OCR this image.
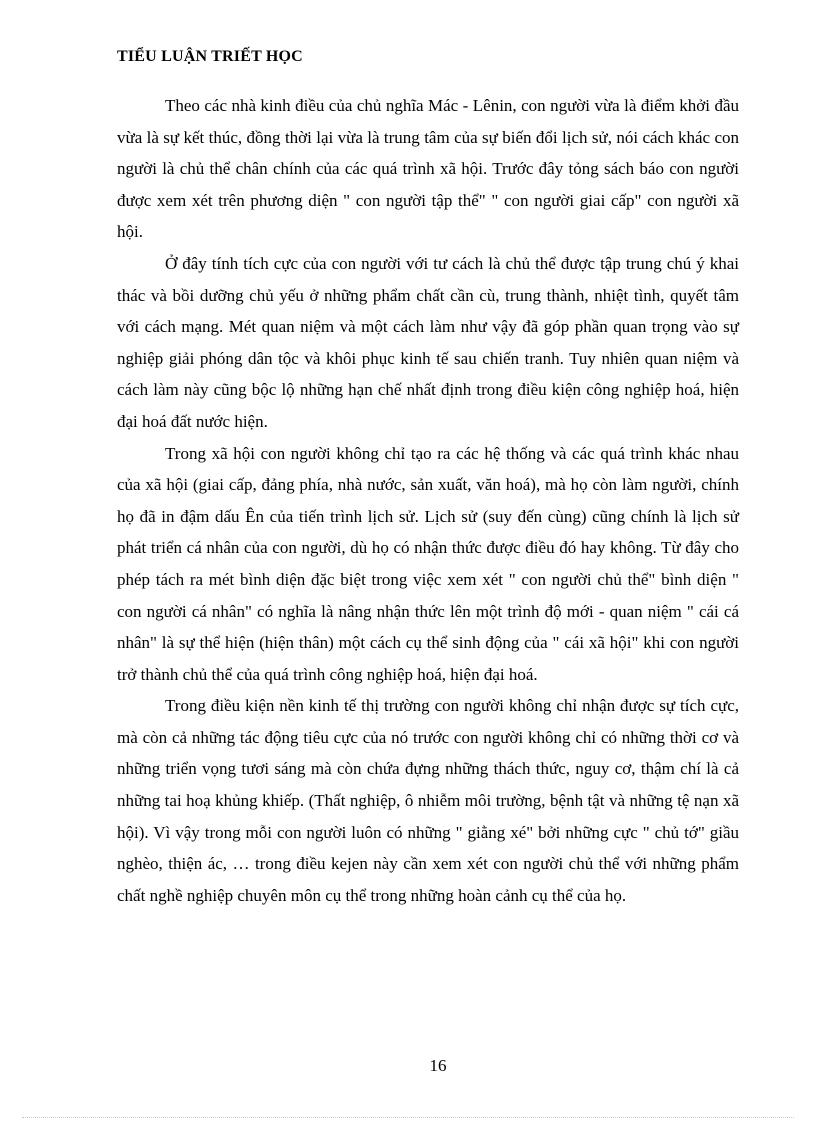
TIỂU LUẬN TRIẾT HỌC

Theo các nhà kinh điều của chủ nghĩa Mác - Lênin, con người vừa là điểm khởi đầu vừa là sự kết thúc, đồng thời lại vừa là trung tâm của sự biến đổi lịch sử, nói cách khác con người là chủ thể chân chính của các quá trình xã hội. Trước đây tỏng sách báo con người được xem xét trên phương diện " con người tập thể" " con người giai cấp" con người xã hội.

Ở đây tính tích cực của con người với tư cách là chủ thể được tập trung chú ý khai thác và bồi dưỡng chủ yếu ở những phẩm chất cần cù, trung thành, nhiệt tình, quyết tâm với cách mạng. Mét quan niệm và một cách làm như vậy đã góp phần quan trọng vào sự nghiệp giải phóng dân tộc và khôi phục kinh tế sau chiến tranh. Tuy nhiên quan niệm và cách làm này cũng bộc lộ những hạn chế nhất định trong điều kiện công nghiệp hoá, hiện đại hoá đất nước hiện.

Trong xã hội con người không chỉ tạo ra các hệ thống và các quá trình khác nhau của xã hội (giai cấp, đảng phía, nhà nước, sản xuất, văn hoá), mà họ còn làm người, chính họ đã in đậm dấu Ên của tiến trình lịch sử. Lịch sử (suy đến cùng) cũng chính là lịch sử phát triển cá nhân của con người, dù họ có nhận thức được điều đó hay không. Từ đây cho phép tách ra mét bình diện đặc biệt trong việc xem xét " con người chủ thể" bình diện " con người cá nhân" có nghĩa là nâng nhận thức lên một trình độ mới - quan niệm " cái cá nhân" là sự thể hiện (hiện thân) một cách cụ thể sinh động của " cái xã hội" khi con người trở thành chủ thể của quá trình công nghiệp hoá, hiện đại hoá.

Trong điều kiện nền kinh tế thị trường con người không chỉ nhận được sự tích cực, mà còn cả những tác động tiêu cực của nó trước con người không chỉ có những thời cơ và những triển vọng tươi sáng mà còn chứa đựng những thách thức, nguy cơ, thậm chí là cả những tai hoạ khủng khiếp. (Thất nghiệp, ô nhiễm môi trường, bệnh tật và những tệ nạn xã hội). Vì vậy trong mỗi con người luôn có những " giằng xé" bởi những cực " chủ tớ" giầu nghèo, thiện ác, … trong điều kejen này cần xem xét con người chủ thể với những phẩm chất nghề nghiệp chuyên môn cụ thể trong những hoàn cảnh cụ thể của họ.

16
